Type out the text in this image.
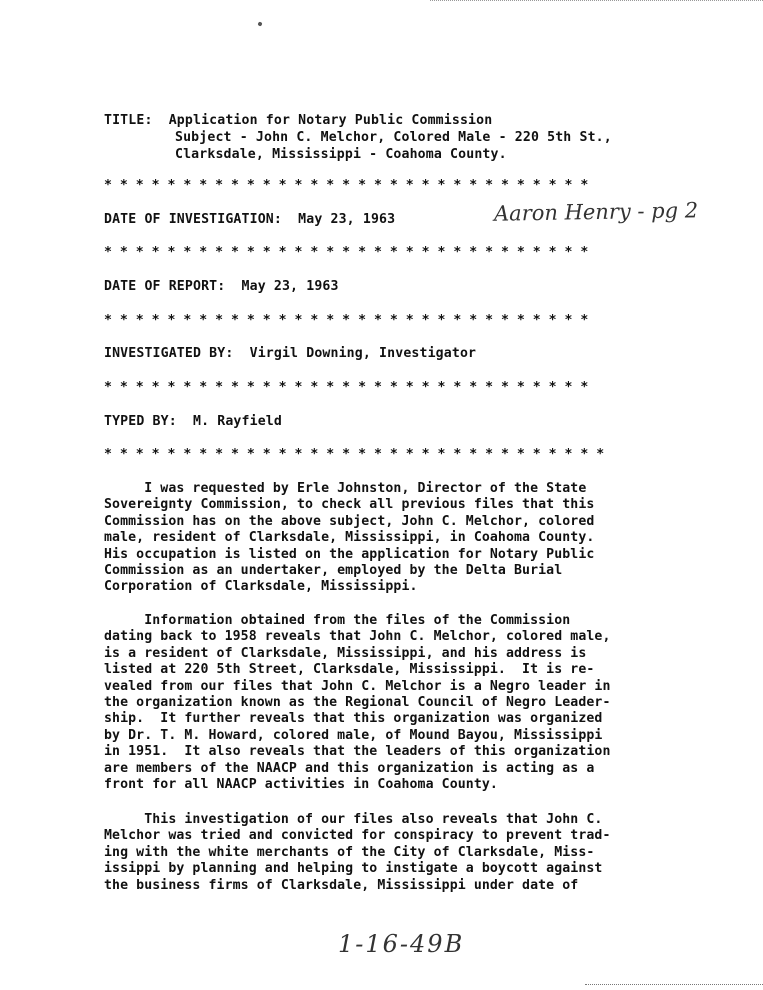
TITLE:  Application for Notary Public Commission
Subject - John C. Melchor, Colored Male - 220 5th St.,
Clarksdale, Mississippi - Coahoma County.
* * * * * * * * * * * * * * * * * * * * * * * * * * * * * * *
DATE OF INVESTIGATION:  May 23, 1963	Aaron Henry - pg 2
* * * * * * * * * * * * * * * * * * * * * * * * * * * * * * *
DATE OF REPORT:  May 23, 1963
* * * * * * * * * * * * * * * * * * * * * * * * * * * * * * *
INVESTIGATED BY:  Virgil Downing, Investigator
* * * * * * * * * * * * * * * * * * * * * * * * * * * * * * *
TYPED BY:  M. Rayfield
* * * * * * * * * * * * * * * * * * * * * * * * * * * * * * * *
I was requested by Erle Johnston, Director of the State
Sovereignty Commission, to check all previous files that this
Commission has on the above subject, John C. Melchor, colored
male, resident of Clarksdale, Mississippi, in Coahoma County.
His occupation is listed on the application for Notary Public
Commission as an undertaker, employed by the Delta Burial
Corporation of Clarksdale, Mississippi.
Information obtained from the files of the Commission
dating back to 1958 reveals that John C. Melchor, colored male,
is a resident of Clarksdale, Mississippi, and his address is
listed at 220 5th Street, Clarksdale, Mississippi.  It is re-
vealed from our files that John C. Melchor is a Negro leader in
the organization known as the Regional Council of Negro Leader-
ship.  It further reveals that this organization was organized
by Dr. T. M. Howard, colored male, of Mound Bayou, Mississippi
in 1951.  It also reveals that the leaders of this organization
are members of the NAACP and this organization is acting as a
front for all NAACP activities in Coahoma County.
This investigation of our files also reveals that John C.
Melchor was tried and convicted for conspiracy to prevent trad-
ing with the white merchants of the City of Clarksdale, Miss-
issippi by planning and helping to instigate a boycott against
the business firms of Clarksdale, Mississippi under date of
1-16-49B
